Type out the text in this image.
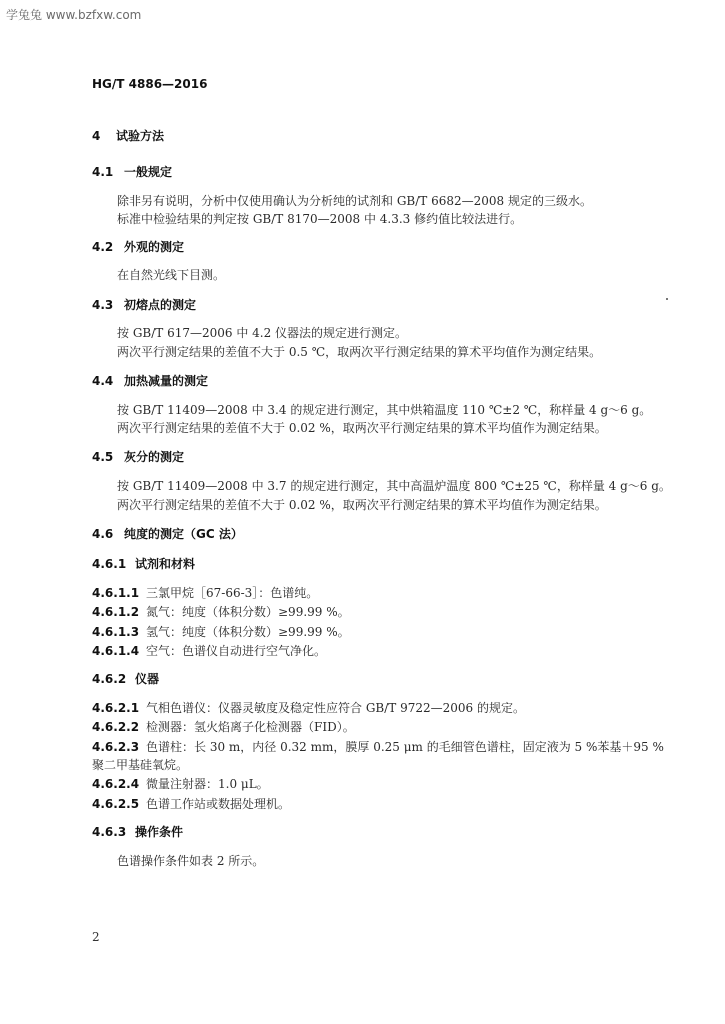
学兔兔 www.bzfxw.com
HG/T 4886—2016
4 试验方法
4.1 一般规定
除非另有说明，分析中仅使用确认为分析纯的试剂和 GB/T 6682—2008 规定的三级水。
标准中检验结果的判定按 GB/T 8170—2008 中 4.3.3 修约值比较法进行。
4.2 外观的测定
在自然光线下目测。
4.3 初熔点的测定
按 GB/T 617—2006 中 4.2 仪器法的规定进行测定。
两次平行测定结果的差值不大于 0.5 ℃，取两次平行测定结果的算术平均值作为测定结果。
4.4 加热减量的测定
按 GB/T 11409—2008 中 3.4 的规定进行测定，其中烘箱温度 110 ℃±2 ℃，称样量 4 g～6 g。
两次平行测定结果的差值不大于 0.02 %，取两次平行测定结果的算术平均值作为测定结果。
4.5 灰分的测定
按 GB/T 11409—2008 中 3.7 的规定进行测定，其中高温炉温度 800 ℃±25 ℃，称样量 4 g～6 g。
两次平行测定结果的差值不大于 0.02 %，取两次平行测定结果的算术平均值作为测定结果。
4.6 纯度的测定（GC 法）
4.6.1 试剂和材料
4.6.1.1 三氯甲烷［67-66-3］：色谱纯。
4.6.1.2 氮气：纯度（体积分数）≥99.99 %。
4.6.1.3 氢气：纯度（体积分数）≥99.99 %。
4.6.1.4 空气：色谱仪自动进行空气净化。
4.6.2 仪器
4.6.2.1 气相色谱仪：仪器灵敏度及稳定性应符合 GB/T 9722—2006 的规定。
4.6.2.2 检测器：氢火焰离子化检测器（FID）。
4.6.2.3 色谱柱：长 30 m，内径 0.32 mm，膜厚 0.25 μm 的毛细管色谱柱，固定液为 5 %苯基＋95 %
聚二甲基硅氧烷。
4.6.2.4 微量注射器：1.0 μL。
4.6.2.5 色谱工作站或数据处理机。
4.6.3 操作条件
色谱操作条件如表 2 所示。
2
